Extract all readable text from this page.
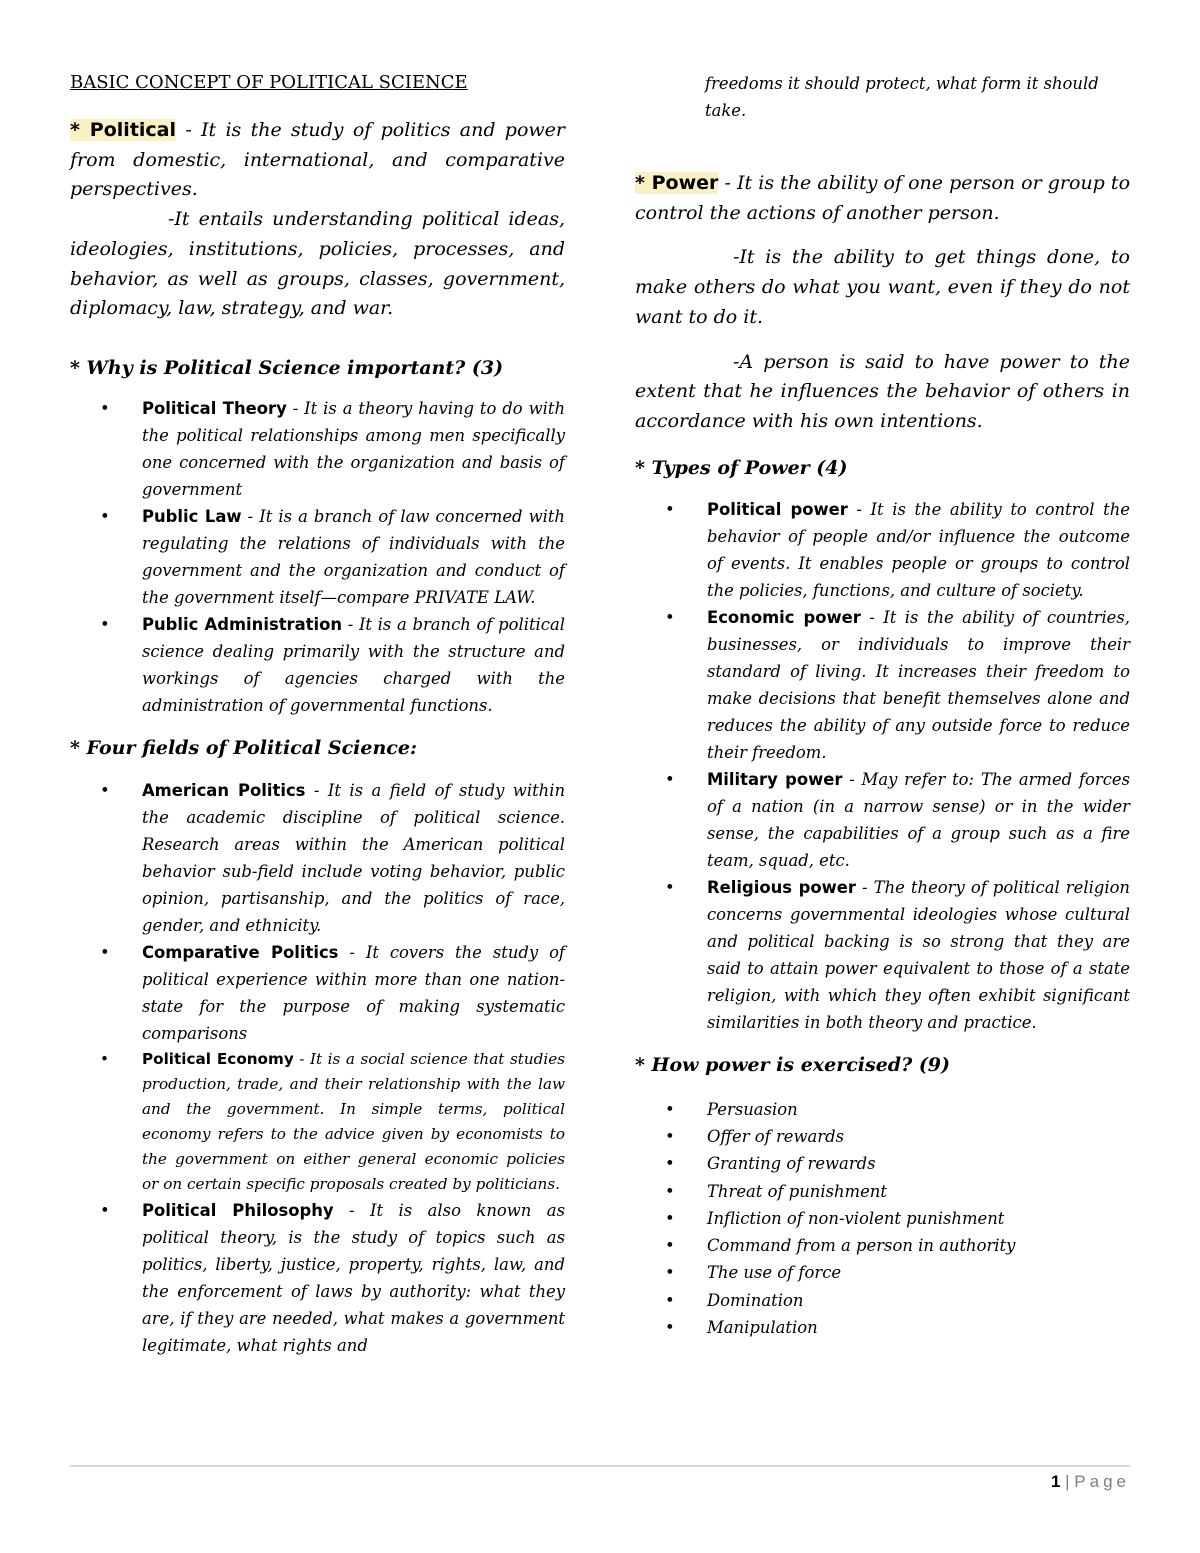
BASIC CONCEPT OF POLITICAL SCIENCE

* Political - It is the study of politics and power from domestic, international, and comparative perspectives.

-It entails understanding political ideas, ideologies, institutions, policies, processes, and behavior, as well as groups, classes, government, diplomacy, law, strategy, and war.

* Why is Political Science important? (3)
• Political Theory - It is a theory having to do with the political relationships among men specifically one concerned with the organization and basis of government
• Public Law - It is a branch of law concerned with regulating the relations of individuals with the government and the organization and conduct of the government itself—compare PRIVATE LAW.
• Public Administration - It is a branch of political science dealing primarily with the structure and workings of agencies charged with the administration of governmental functions.
* Four fields of Political Science:
• American Politics - It is a field of study within the academic discipline of political science. Research areas within the American political behavior sub-field include voting behavior, public opinion, partisanship, and the politics of race, gender, and ethnicity.
• Comparative Politics - It covers the study of political experience within more than one nation-state for the purpose of making systematic comparisons
• Political Economy - It is a social science that studies production, trade, and their relationship with the law and the government. In simple terms, political economy refers to the advice given by economists to the government on either general economic policies or on certain specific proposals created by politicians.
• Political Philosophy - It is also known as political theory, is the study of topics such as politics, liberty, justice, property, rights, law, and the enforcement of laws by authority: what they are, if they are needed, what makes a government legitimate, what rights and

freedoms it should protect, what form it should take.

* Power - It is the ability of one person or group to control the actions of another person.

-It is the ability to get things done, to make others do what you want, even if they do not want to do it.

-A person is said to have power to the extent that he influences the behavior of others in accordance with his own intentions.

* Types of Power (4)
• Political power - It is the ability to control the behavior of people and/or influence the outcome of events. It enables people or groups to control the policies, functions, and culture of society.
• Economic power - It is the ability of countries, businesses, or individuals to improve their standard of living. It increases their freedom to make decisions that benefit themselves alone and reduces the ability of any outside force to reduce their freedom.
• Military power - May refer to: The armed forces of a nation (in a narrow sense) or in the wider sense, the capabilities of a group such as a fire team, squad, etc.
• Religious power - The theory of political religion concerns governmental ideologies whose cultural and political backing is so strong that they are said to attain power equivalent to those of a state religion, with which they often exhibit significant similarities in both theory and practice.
* How power is exercised? (9)
• Persuasion
• Offer of rewards
• Granting of rewards
• Threat of punishment
• Infliction of non-violent punishment
• Command from a person in authority
• The use of force
• Domination
• Manipulation
1 | Page
